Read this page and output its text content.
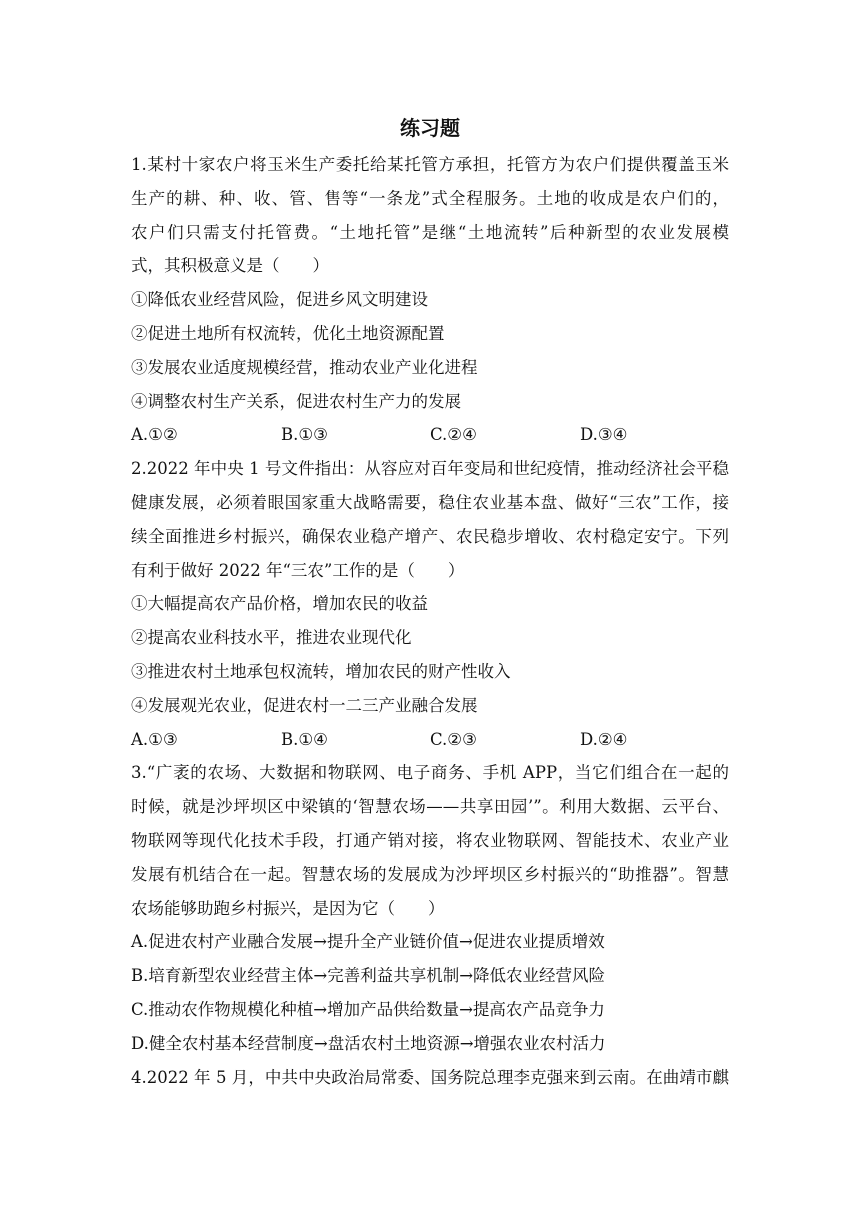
练习题
1.某村十家农户将玉米生产委托给某托管方承担，托管方为农户们提供覆盖玉米
生产的耕、种、收、管、售等“一条龙”式全程服务。土地的收成是农户们的，
农户们只需支付托管费。“土地托管”是继“土地流转”后种新型的农业发展模
式，其积极意义是（　　）
①降低农业经营风险，促进乡风文明建设
②促进土地所有权流转，优化土地资源配置
③发展农业适度规模经营，推动农业产业化进程
④调整农村生产关系，促进农村生产力的发展
A.①②	B.①③	C.②④	D.③④
2.2022 年中央 1 号文件指出：从容应对百年变局和世纪疫情，推动经济社会平稳
健康发展，必须着眼国家重大战略需要，稳住农业基本盘、做好“三农”工作，接
续全面推进乡村振兴，确保农业稳产增产、农民稳步增收、农村稳定安宁。下列
有利于做好 2022 年“三农”工作的是（　　）
①大幅提高农产品价格，增加农民的收益
②提高农业科技水平，推进农业现代化
③推进农村土地承包权流转，增加农民的财产性收入
④发展观光农业，促进农村一二三产业融合发展
A.①③	B.①④	C.②③	D.②④
3.“广袤的农场、大数据和物联网、电子商务、手机 APP，当它们组合在一起的
时候，就是沙坪坝区中梁镇的‘智慧农场——共享田园’”。利用大数据、云平台、
物联网等现代化技术手段，打通产销对接，将农业物联网、智能技术、农业产业
发展有机结合在一起。智慧农场的发展成为沙坪坝区乡村振兴的“助推器”。智慧
农场能够助跑乡村振兴，是因为它（　　）
A.促进农村产业融合发展→提升全产业链价值→促进农业提质增效
B.培育新型农业经营主体→完善利益共享机制→降低农业经营风险
C.推动农作物规模化种植→增加产品供给数量→提高农产品竞争力
D.健全农村基本经营制度→盘活农村土地资源→增强农业农村活力
4.2022 年 5 月，中共中央政治局常委、国务院总理李克强来到云南。在曲靖市麒
